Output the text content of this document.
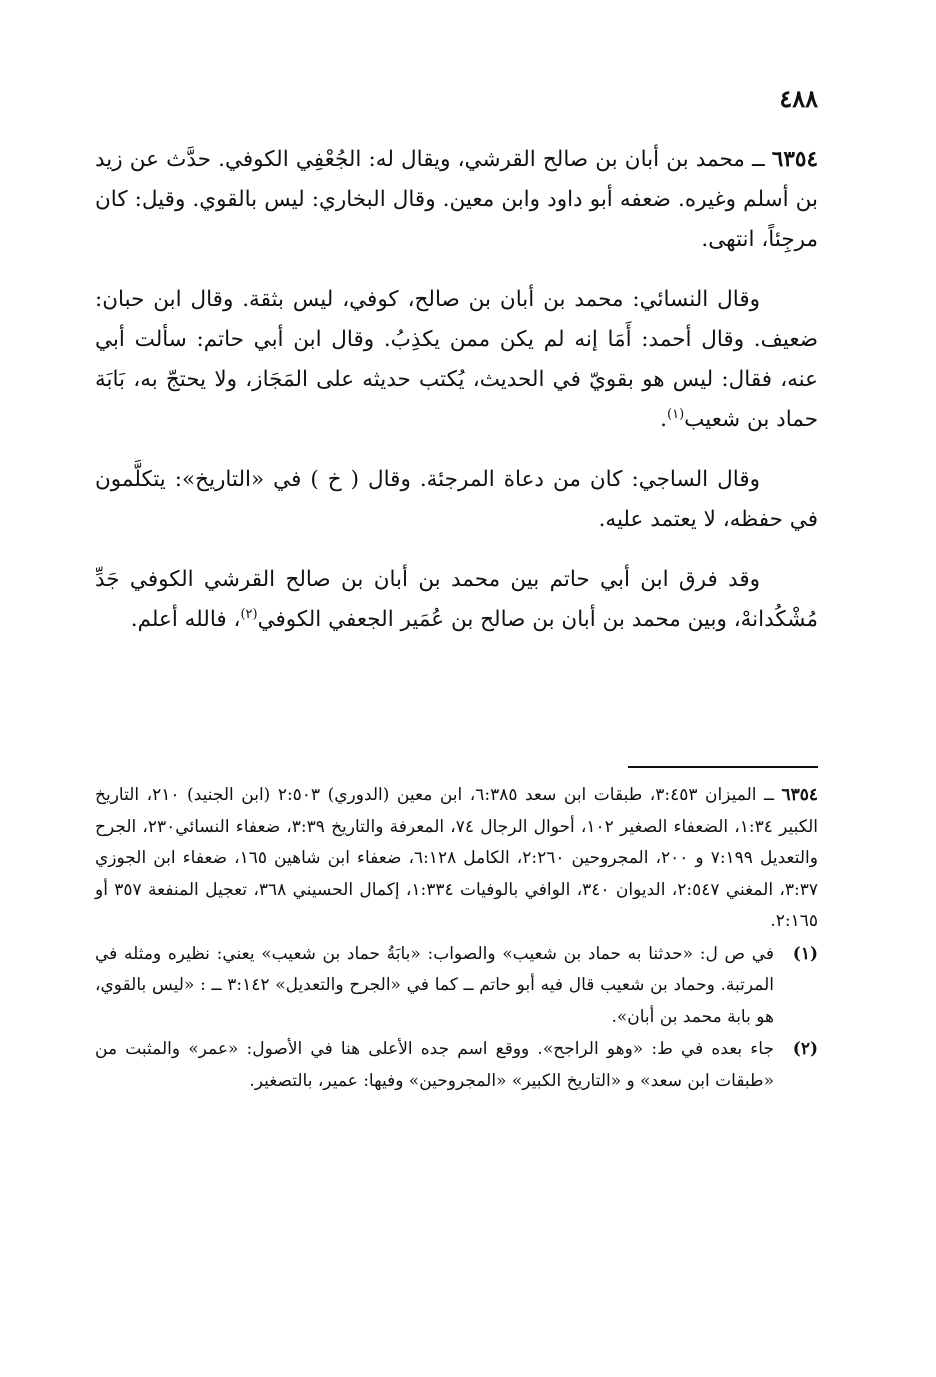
٤٨٨

٦٣٥٤ ــ محمد بن أبان بن صالح القرشي، ويقال له: الجُعْفِي الكوفي. حدَّث عن زيد بن أسلم وغيره. ضعفه أبو داود وابن معين. وقال البخاري: ليس بالقوي. وقيل: كان مرجِئاً، انتهى.

وقال النسائي: محمد بن أبان بن صالح، كوفي، ليس بثقة. وقال ابن حبان: ضعيف. وقال أحمد: أَمَا إنه لم يكن ممن يكذِبُ. وقال ابن أبي حاتم: سألت أبي عنه، فقال: ليس هو بقويّ في الحديث، يُكتب حديثه على المَجَاز، ولا يحتجّ به، بَابَة حماد بن شعيب$^{(١)}$.

وقال الساجي: كان من دعاة المرجئة. وقال ( خ ) في «التاريخ»: يتكلَّمون في حفظه، لا يعتمد عليه.

وقد فرق ابن أبي حاتم بين محمد بن أبان بن صالح القرشي الكوفي جَدِّ مُشْكُدانهْ، وبين محمد بن أبان بن صالح بن عُمَير الجعفي الكوفي$^{(٢)}$، فالله أعلم.

٦٣٥٤ ــ الميزان ٣:٤٥٣، طبقات ابن سعد ٦:٣٨٥، ابن معين (الدوري) ٢:٥٠٣ (ابن الجنيد) ٢١٠، التاريخ الكبير ١:٣٤، الضعفاء الصغير ١٠٢، أحوال الرجال ٧٤، المعرفة والتاريخ ٣:٣٩، ضعفاء النسائي٢٣٠، الجرح والتعديل ٧:١٩٩ و ٢٠٠، المجروحين ٢:٢٦٠، الكامل ٦:١٢٨، ضعفاء ابن شاهين ١٦٥، ضعفاء ابن الجوزي ٣:٣٧، المغني ٢:٥٤٧، الديوان ٣٤٠، الوافي بالوفيات ١:٣٣٤، إكمال الحسيني ٣٦٨، تعجيل المنفعة ٣٥٧ أو ٢:١٦٥.

(١)
في ص ل: «حدثنا به حماد بن شعيب» والصواب: «بابَةُ حماد بن شعيب» يعني: نظيره ومثله في المرتبة. وحماد بن شعيب قال فيه أبو حاتم ــ كما في «الجرح والتعديل» ٣:١٤٢ ــ : «ليس بالقوي، هو بابة محمد بن أبان».
(٢)
جاء بعده في ط: «وهو الراجح». ووقع اسم جده الأعلى هنا في الأصول: «عمر» والمثبت من «طبقات ابن سعد» و «التاريخ الكبير» «المجروحين» وفيها: عمير، بالتصغير.
